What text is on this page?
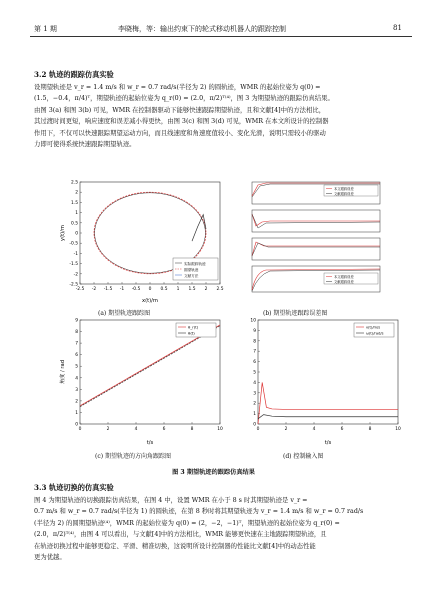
第 1 期	李晓梅，等：输出约束下的轮式移动机器人的跟踪控制	81
3.2 轨迹的跟踪仿真实验
设期望轨迹是 v_r = 1.4 m/s 和 w_r = 0.7 rad/s(半径为 2) 的圆轨迹，WMR 的起始位姿为 q(0) =
(1.5，−0.4，π/4)ᵀ，期望轨迹的起始位姿为 q_r(0) = (2.0，π/2)ᵀ⁽⁴⁾，图 3 为期望轨迹的跟踪仿真结果。
由图 3(a) 和图 3(b) 可见，WMR 在控制器驱动下能够快速跟踪期望轨迹，且和文献[4]中的方法相比，
其过渡时间更短，响应速度和误差减小得更快，由图 3(c) 和图 3(d) 可见，WMR 在本文所设计的控制器
作用下，不仅可以快速跟踪期望运动方向，而且线速度和角速度值较小、变化光滑，说明只需较小的驱动
力即可使得系统快速跟踪期望轨迹。
-2.5
-2
-1.5
-1
-0.5
0
0.5
1
1.5
2
2.5
-2.5 -2 -1.5 -1 -0.5 0 0.5 1 1.5 2 2.5
实际跟踪轨迹
期望轨迹
文献方法
x(t)/m
y(t)/m
(a) 期望轨迹跟踪图
本文跟踪误差
文献跟踪误差
本文跟踪误差
文献跟踪误差
(b) 期望轨迹跟踪误差图
0
1
2
3
4
5
6
7
8
9
0	2	4	6	8	10
θ_r(t)
θ(t)
t/s
角度 / rad
(c) 期望轨迹的方向角跟踪图
0
1
2
3
4
5
6
7
8
9
10
0	2	4	6	8	10
v(t)/m/s
ω(t)/rad/s
t/s
(d) 控制输入图
图 3 期望轨迹的跟踪仿真结果
3.3 轨迹切换的仿真实验
图 4 为期望轨迹的切换跟踪仿真结果，在图 4 中，设置 WMR 在小于 8 s 时其期望轨迹是 v_r =
0.7 m/s 和 w_r = 0.7 rad/s(半径为 1) 的圆轨迹，在第 8 秒时将其期望轨迹为 v_r = 1.4 m/s 和 w_r = 0.7 rad/s
(半径为 2) 的圆期望轨迹⁽⁴⁾，WMR 的起始位姿为 q(0) = (2，−2，−1)ᵀ，期望轨迹的起始位姿为 q_r(0) =
(2.0，π/2)ᵀ⁽⁴⁾，由图 4 可以看出，与文献[4]中的方法相比，WMR 能够更快速在主地跟踪期望轨迹，且
在轨迹切换过程中能够更稳定、平滑、精准切换，这说明所设计控制器的性能比文献[4]中的动态性能
更为优越。
